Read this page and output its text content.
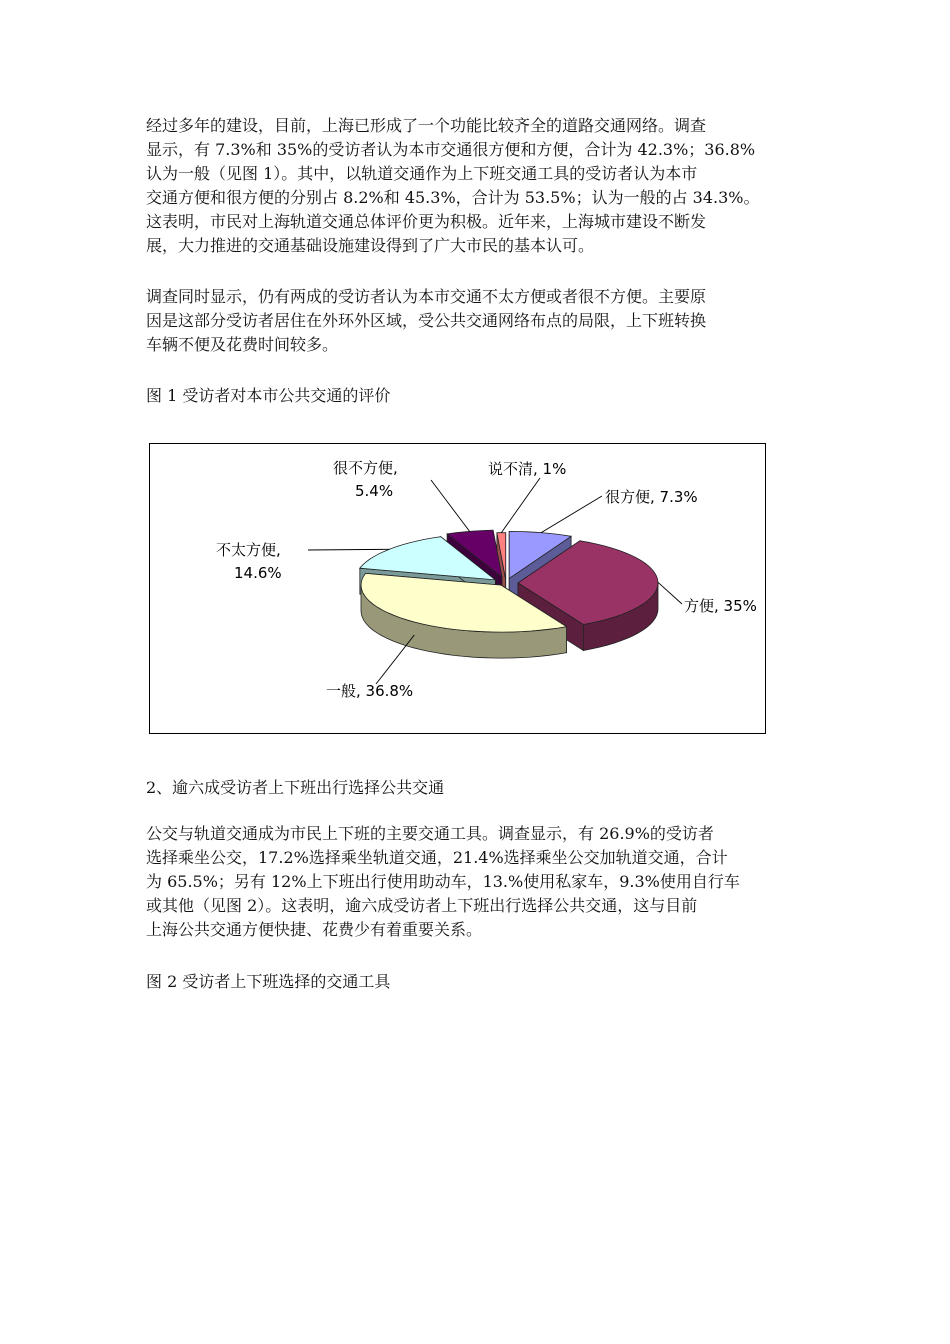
经过多年的建设，目前，上海已形成了一个功能比较齐全的道路交通网络。调查
显示，有 7.3%和 35%的受访者认为本市交通很方便和方便，合计为 42.3%；36.8%
认为一般（见图 1）。其中，以轨道交通作为上下班交通工具的受访者认为本市
交通方便和很方便的分别占 8.2%和 45.3%，合计为 53.5%；认为一般的占 34.3%。
这表明，市民对上海轨道交通总体评价更为积极。近年来，上海城市建设不断发
展，大力推进的交通基础设施建设得到了广大市民的基本认可。
调查同时显示，仍有两成的受访者认为本市交通不太方便或者很不方便。主要原
因是这部分受访者居住在外环外区域，受公共交通网络布点的局限，上下班转换
车辆不便及花费时间较多。

图 1 受访者对本市公共交通的评价

很方便, 7.3%
方便, 35%
一般, 36.8%
不太方便,
14.6%
很不方便,
5.4%
说不清, 1%

2、逾六成受访者上下班出行选择公共交通

公交与轨道交通成为市民上下班的主要交通工具。调查显示，有 26.9%的受访者
选择乘坐公交，17.2%选择乘坐轨道交通，21.4%选择乘坐公交加轨道交通，合计
为 65.5%；另有 12%上下班出行使用助动车，13.%使用私家车，9.3%使用自行车
或其他（见图 2）。这表明，逾六成受访者上下班出行选择公共交通，这与目前
上海公共交通方便快捷、花费少有着重要关系。

图 2 受访者上下班选择的交通工具
